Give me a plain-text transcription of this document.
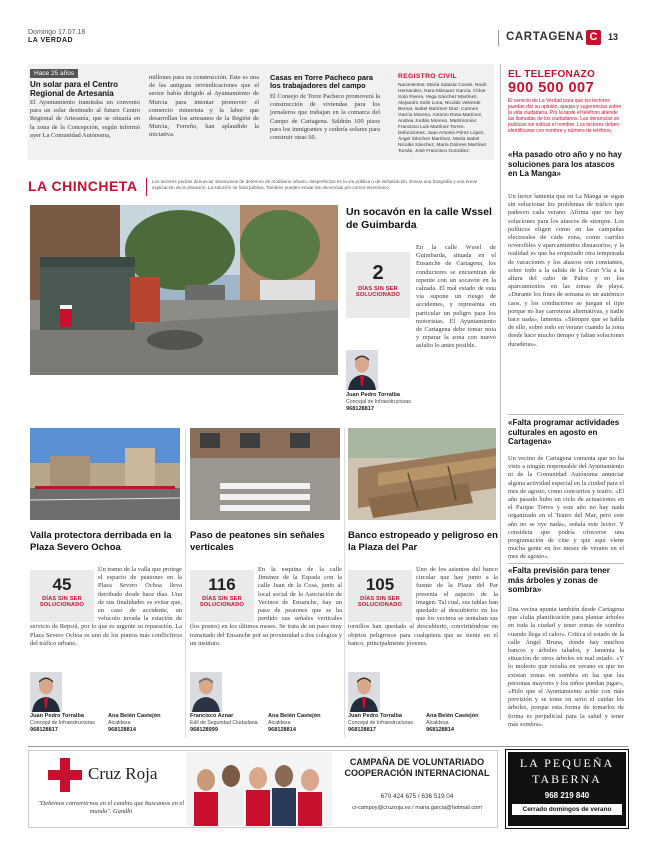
Domingo 17.07.18
LA VERDAD	CARTAGENA C	13
Hace 25 años
Un solar para el Centro Regional de Artesanía
El Ayuntamiento tramitaba un convenio para un solar destinado al futuro Centro Regional de Artesanía, que se situaría en la zona de la Concepción, según informó ayer La Comunidad Autónoma,
millones para su construcción. Este es una de las antiguas reivindicaciones que el sector había dirigido al Ayuntamiento de Murcia para intentar promover el comercio minorista y la labor que desarrollan los artesanos de la Región de Murcia, Ferreño, han aplaudido la iniciativa.
Casas en Torre Pacheco para los trabajadores del campo
El Consejo de Torre Pacheco promoverá la construcción de viviendas para los jornaleros que trabajan en la comarca del Campo de Cartagena. Saldrán 100 pisos para los inmigrantes y cedería solares para construir otras 60.
REGISTRO CIVIL
Nacimientos: María Salazar Conde, Noah Hernández, Nora Márquez García, Chloe Soto Rivera, Vega Sánchez Martínez, Alejandro Solís Luna, Nicolás Valverde Bernal, Isabel Martínez Díaz. Carmen García Moreno, Antonio Rosa Martínez, Andrea Jordán Moreno. Matrimonios: Francisco Luis Martínez Torres. Defunciones: Juan Antonio Pérez López, Ángel Sánchez Martínez, María Isabel Nicolás Sánchez, María Dolores Martínez Tomás, José Francisco González.
EL TELEFONAZO
900 500 007
El servicio de La Verdad para que los lectores puedan dar su opinión, quejas y sugerencias sobre la vida ciudadana. Por la tarde el teléfono atiende las llamadas de los ciudadanos. Las denuncias se publican sin indicar el nombre. Los lectores deben identificarse con nombre y número de teléfono.
«Ha pasado otro año y no hay soluciones para los atascos en La Manga»
Un lector lamenta que en La Manga se sigan sin solucionar los problemas de tráfico que padecen cada verano. Afirma que no hay soluciones para los atascos de siempre. Los políticos eligen como en las campañas electorales de cada zona, como carriles reversibles y aparcamientos disuasorios, y la realidad es que ha empezado otra temporada de vacaciones y los atascos son constantes, sobre todo a la salida de la Gran Vía a la altura del cabo de Palos y en los aparcamientos en las zonas de playa. «Durante los fines de semana es un auténtico caos, y los conductores se juegan el tipo porque no hay carreteras alternativas, y nadie hace nada», lamenta. «Siempre que se habla de ello, sobre todo en verano cuando la zona desde hace mucho tiempo y faltan soluciones duraderas».
«Falta programar actividades culturales en agosto en Cartagena»
Un vecino de Cartagena comenta que no ha visto a ningún responsable del Ayuntamiento ni de la Comunidad Autónoma anunciar alguna actividad especial en la ciudad para el mes de agosto, como conciertos y teatro. «El año pasado hubo un ciclo de actuaciones en el Parque Torres y este año no hay nada organizado en el Teatro del Mar, pero este año no se oye nada», señala este lector. Y considera que podría ofrecerse una programación de cine y que aquí viene mucha gente en los meses de verano en el mes de agosto».
«Falta previsión para tener más árboles y zonas de sombra»
Una vecina apunta también desde Cartagena que «falta planificación para plantar árboles en toda la ciudad y tener zonas de sombra cuando llega el calor». Critica el estado de la calle Ángel Bruna, donde hay muchos bancos y árboles talados, y lamenta la situación de otros árboles en mal estado. «Y lo molesto que resulta en verano es que no existan zonas en sombra en las que las personas mayores y los niños puedan jugar», «Pido que el Ayuntamiento actúe con más previsión y se tome en serio el cuidar los árboles, porque esta forma de tomarlos de forma es perjudicial para la salud y tener más sombra».
LA CHINCHETA	Los lectores podrán denunciar situaciones de deterioro de mobiliario urbano, desperfectos en la vía pública o de señalización. Enviar una fotografía y una breve explicación de la situación. La solución se hará pública. También pueden enviar las denuncias por correo electrónico.
Un socavón en la calle Wssel de Guimbarda
2
DÍAS SIN SER SOLUCIONADO
En la calle Wssel de Guimbarda, situada en el Ensanche de Cartagena, los conductores se encuentran de repente con un socavón en la calzada. El mal estado de esta vía supone un riesgo de accidentes, y representa en particular un peligro para los motoristas. El Ayuntamiento de Cartagena debe tomar nota y reparar la zona con nuevo asfalto lo antes posible.
Juan Pedro Torralba
Concejal de Infraestructuras
968128817
Valla protectora derribada en la Plaza Severo Ochoa
45
DÍAS SIN SER SOLUCIONADO
Un tramo de la valla que protege el espacio de peatones en la Plaza Severo Ochoa lleva derribado desde hace días. Una de sus finalidades es evitar que, en caso de accidente, un vehículo invada la estación de servicio de Repsol, por lo que es urgente su reparación. La Plaza Severo Ochoa es uno de los puntos más conflictivos del tráfico urbano.
Juan Pedro Torralba
Concejal de Infraestructuras
968128817
Ana Belén Castejón
Alcaldesa
968128814
Paso de peatones sin señales verticales
116
DÍAS SIN SER SOLUCIONADO
En la esquina de la calle Jiménez de la Espada con la calle Juan de la Cosa, junto al local social de la Asociación de Vecinos de Ensanche, hay un paso de peatones que se ha perdido sus señales verticales (los postes) en los últimos meses. Se trata de un paso muy transitado del Ensanche por su proximidad a dos colegios y un instituto.
Francisco Aznar
Edil de Seguridad Ciudadana
968128999
Ana Belén Castejón
Alcaldesa
968128814
Banco estropeado y peligroso en la Plaza del Par
105
DÍAS SIN SER SOLUCIONADO
Uno de los asientos del banco circular que hay junto a la fuente de la Plaza del Par presenta el aspecto de la imagen. Tal cual, sus tablas han quedado al descubierto en los que los vecinos se sentaban sus tornillos han quedado al descubierto, convirtiéndose en objetos peligrosos para cualquiera que se siente en el banco, principalmente jóvenes.
Juan Pedro Torralba
Concejal de Infraestructuras
968128817
Ana Belén Castejón
Alcaldesa
968128814
Cruz Roja
"Debemos convertirnos en el cambio que buscamos en el mundo". Gandhi
CAMPAÑA DE VOLUNTARIADO
COOPERACIÓN INTERNACIONAL
670 424 675 / 636 519 04
ci-campoy@cruzroja.es / maria.garcia@hotmail.com
LA PEQUEÑA
TABERNA
968 219 840
Cerrado domingos de verano
